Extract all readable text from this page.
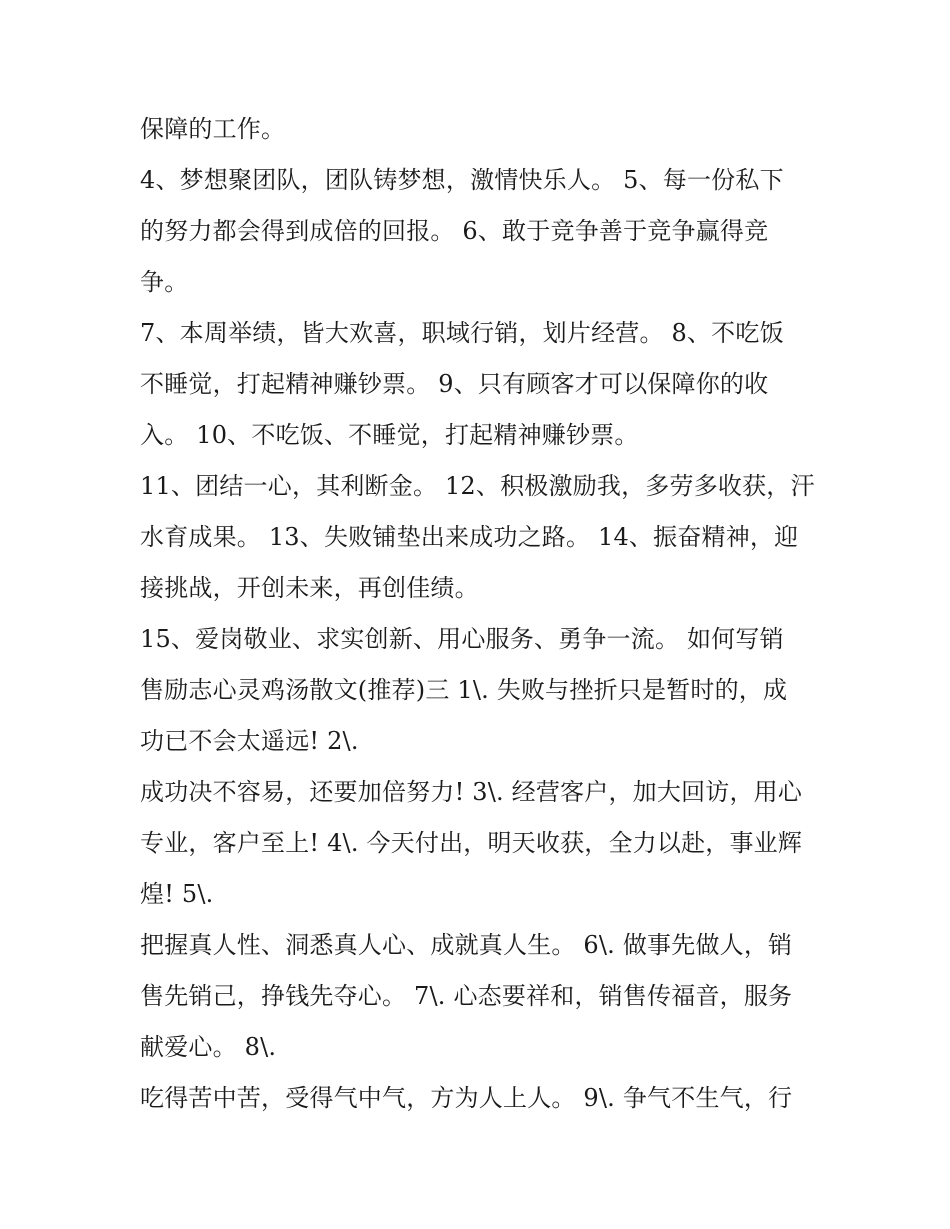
保障的工作。

4、梦想聚团队，团队铸梦想，激情快乐人。 5、每一份私下
的努力都会得到成倍的回报。 6、敢于竞争善于竞争赢得竞
争。

7、本周举绩，皆大欢喜，职域行销，划片经营。 8、不吃饭
不睡觉，打起精神赚钞票。 9、只有顾客才可以保障你的收
入。 10、不吃饭、不睡觉，打起精神赚钞票。

11、团结一心，其利断金。 12、积极激励我，多劳多收获，汗
水育成果。 13、失败铺垫出来成功之路。 14、振奋精神，迎
接挑战，开创未来，再创佳绩。

15、爱岗敬业、求实创新、用心服务、勇争一流。 如何写销
售励志心灵鸡汤散文(推荐)三 1\. 失败与挫折只是暂时的，成
功已不会太遥远! 2\.

成功决不容易，还要加倍努力! 3\. 经营客户，加大回访，用心
专业，客户至上! 4\. 今天付出，明天收获，全力以赴，事业辉
煌! 5\.

把握真人性、洞悉真人心、成就真人生。 6\. 做事先做人，销
售先销己，挣钱先夺心。 7\. 心态要祥和，销售传福音，服务
献爱心。 8\.

吃得苦中苦，受得气中气，方为人上人。 9\. 争气不生气，行
